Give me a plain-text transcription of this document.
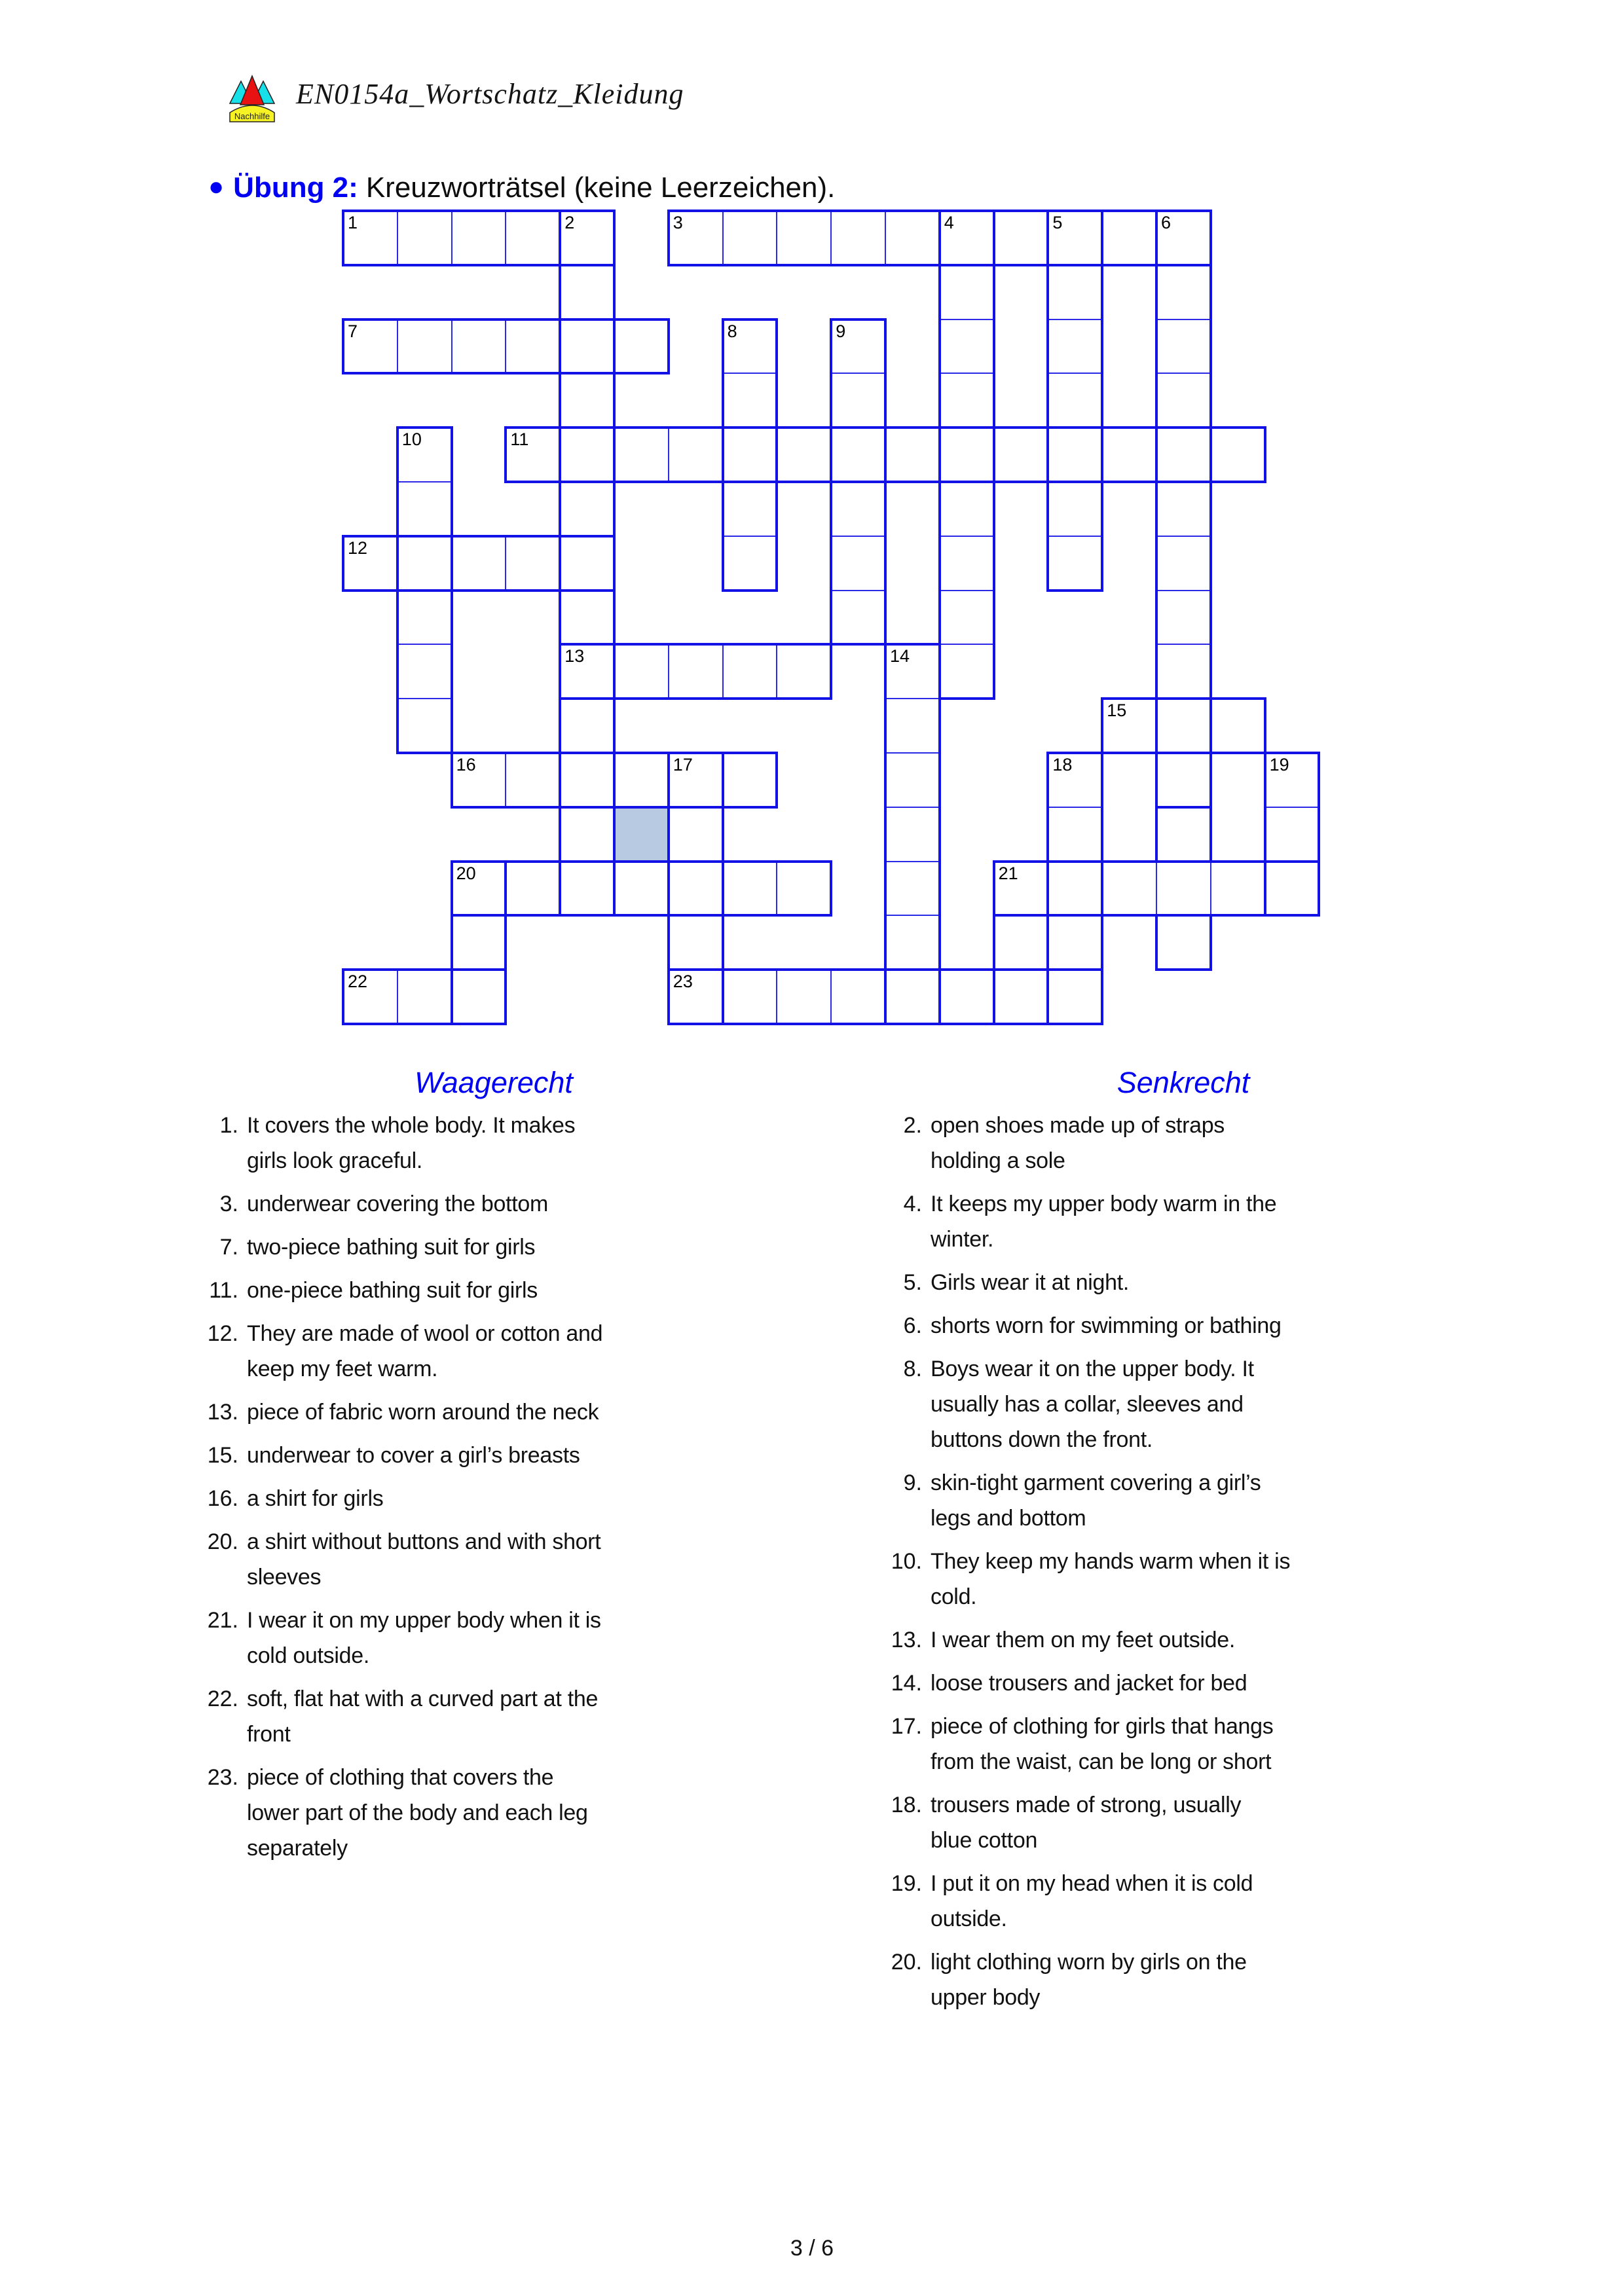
Nachhilfe
EN0154a_Wortschatz_Kleidung
● Übung 2: Kreuzworträtsel (keine Leerzeichen).
1	2	3	4	5	6
7	8	9
10	11
12
13	14
15
16	17	18	19
20	21
22	23
Waagerecht	Senkrecht
1. It covers the whole body. It makes
girls look graceful.
3. underwear covering the bottom
7. two-piece bathing suit for girls
11. one-piece bathing suit for girls
12. They are made of wool or cotton and
keep my feet warm.
13. piece of fabric worn around the neck
15. underwear to cover a girl’s breasts
16. a shirt for girls
20. a shirt without buttons and with short
sleeves
21. I wear it on my upper body when it is
cold outside.
22. soft, flat hat with a curved part at the
front
23. piece of clothing that covers the
lower part of the body and each leg
separately
2. open shoes made up of straps
holding a sole
4. It keeps my upper body warm in the
winter.
5. Girls wear it at night.
6. shorts worn for swimming or bathing
8. Boys wear it on the upper body. It
usually has a collar, sleeves and
buttons down the front.
9. skin-tight garment covering a girl’s
legs and bottom
10. They keep my hands warm when it is
cold.
13. I wear them on my feet outside.
14. loose trousers and jacket for bed
17. piece of clothing for girls that hangs
from the waist, can be long or short
18. trousers made of strong, usually
blue cotton
19. I put it on my head when it is cold
outside.
20. light clothing worn by girls on the
upper body
3 / 6
